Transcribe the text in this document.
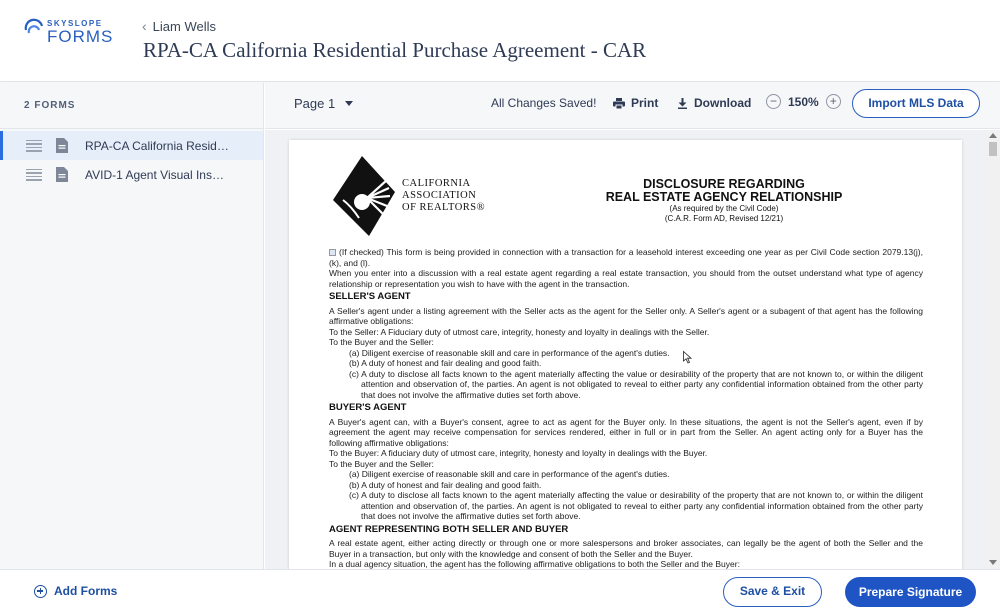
SKYSLOPE
FORMS
‹ Liam Wells
RPA-CA California Residential Purchase Agreement - CAR
2 FORMS
RPA-CA California Resid…
AVID-1 Agent Visual Ins…
Page 1	All Changes Saved!	Print	Download	− 150% +	Import MLS Data
CALIFORNIA
ASSOCIATION
OF REALTORS®
DISCLOSURE REGARDING
REAL ESTATE AGENCY RELATIONSHIP
(As required by the Civil Code)
(C.A.R. Form AD, Revised 12/21)

(If checked) This form is being provided in connection with a transaction for a leasehold interest exceeding one year as per Civil Code section 2079.13(j), (k), and (l).

When you enter into a discussion with a real estate agent regarding a real estate transaction, you should from the outset understand what type of agency relationship or representation you wish to have with the agent in the transaction.

SELLER'S AGENT

A Seller's agent under a listing agreement with the Seller acts as the agent for the Seller only. A Seller's agent or a subagent of that agent has the following affirmative obligations:

To the Seller: A Fiduciary duty of utmost care, integrity, honesty and loyalty in dealings with the Seller.

To the Buyer and the Seller:

(a) Diligent exercise of reasonable skill and care in performance of the agent's duties.

(b) A duty of honest and fair dealing and good faith.

(c) A duty to disclose all facts known to the agent materially affecting the value or desirability of the property that are not known to, or within the diligent attention and observation of, the parties. An agent is not obligated to reveal to either party any confidential information obtained from the other party that does not involve the affirmative duties set forth above.

BUYER'S AGENT

A Buyer's agent can, with a Buyer's consent, agree to act as agent for the Buyer only. In these situations, the agent is not the Seller's agent, even if by agreement the agent may receive compensation for services rendered, either in full or in part from the Seller. An agent acting only for a Buyer has the following affirmative obligations:

To the Buyer: A fiduciary duty of utmost care, integrity, honesty and loyalty in dealings with the Buyer.

To the Buyer and the Seller:

(a) Diligent exercise of reasonable skill and care in performance of the agent's duties.

(b) A duty of honest and fair dealing and good faith.

(c) A duty to disclose all facts known to the agent materially affecting the value or desirability of the property that are not known to, or within the diligent attention and observation of, the parties. An agent is not obligated to reveal to either party any confidential information obtained from the other party that does not involve the affirmative duties set forth above.

AGENT REPRESENTING BOTH SELLER AND BUYER

A real estate agent, either acting directly or through one or more salespersons and broker associates, can legally be the agent of both the Seller and the Buyer in a transaction, but only with the knowledge and consent of both the Seller and the Buyer.

In a dual agency situation, the agent has the following affirmative obligations to both the Seller and the Buyer:

Add Forms	Save & Exit	Prepare Signature
